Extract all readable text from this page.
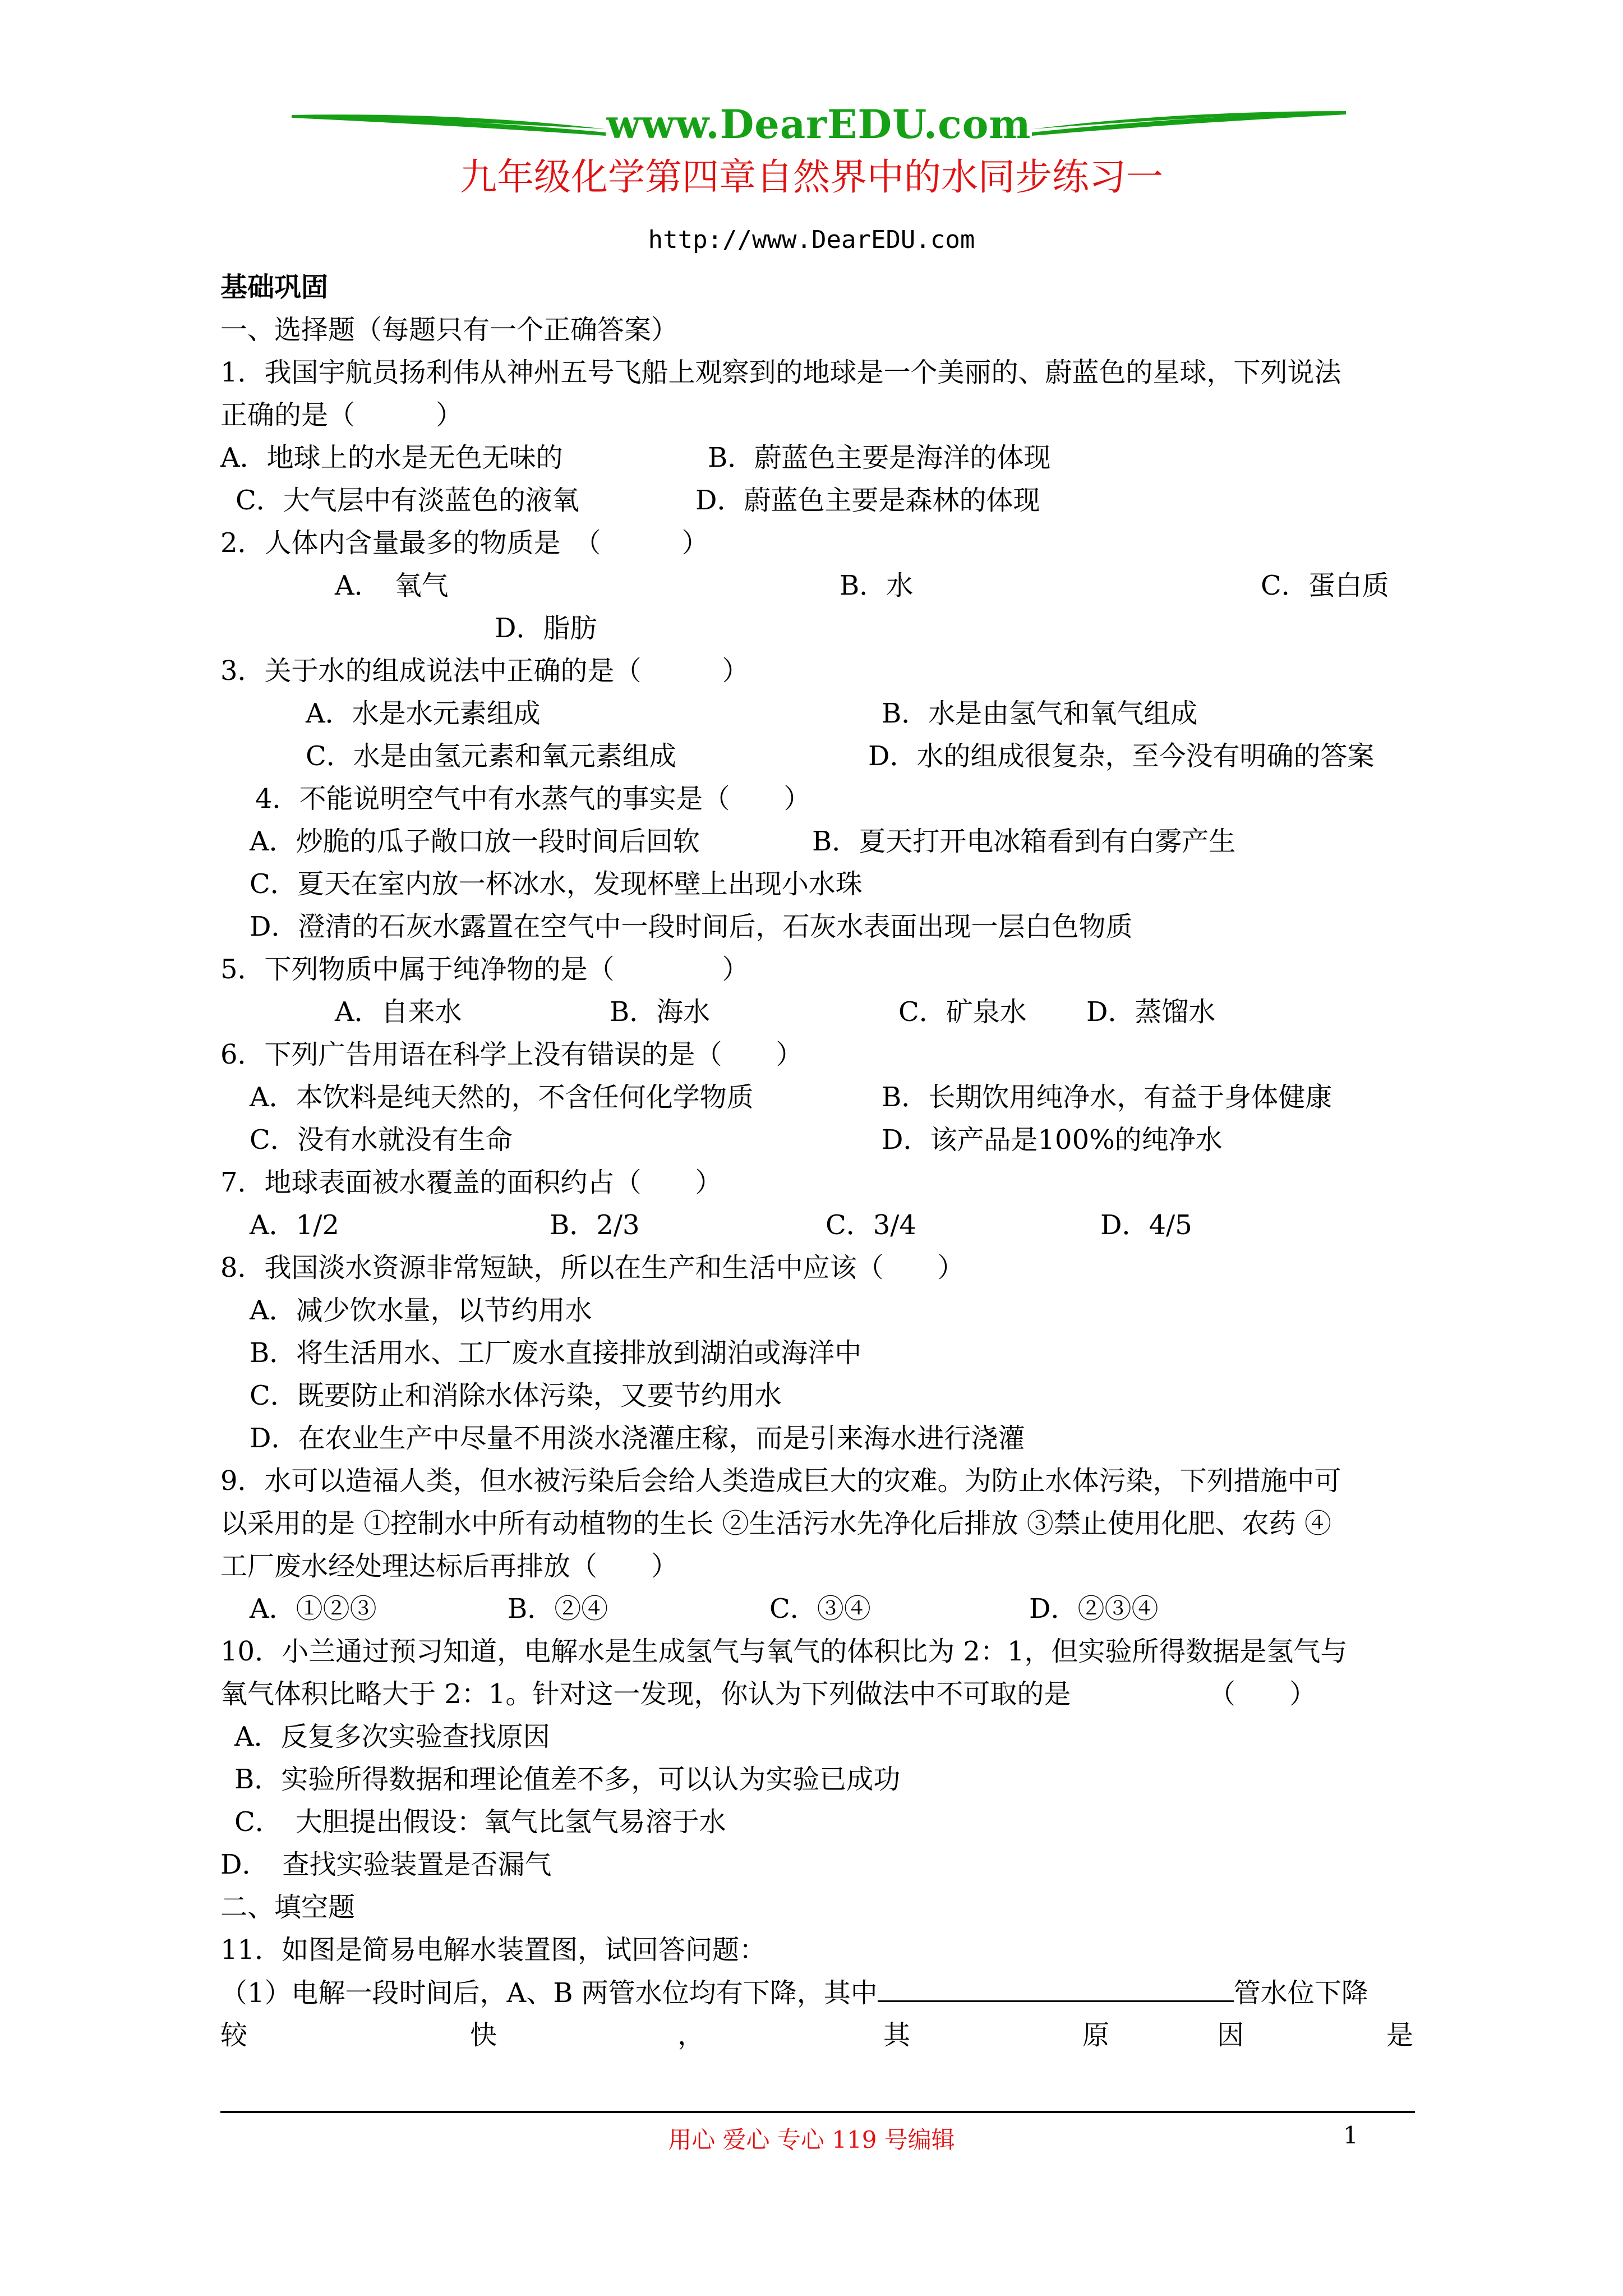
www.DearEDU.com
九年级化学第四章自然界中的水同步练习一
http://www.DearEDU.com
基础巩固
一、选择题（每题只有一个正确答案）
1．我国宇航员扬利伟从神州五号飞船上观察到的地球是一个美丽的、蔚蓝色的星球，下列说法
正确的是（　　　）
A．地球上的水是无色无味的	B．蔚蓝色主要是海洋的体现
C．大气层中有淡蓝色的液氧	D．蔚蓝色主要是森林的体现
2．人体内含量最多的物质是　（　　　）
A．　氧气	B．水	C．蛋白质
D．脂肪
3．关于水的组成说法中正确的是（　　　）
A．水是水元素组成	B．水是由氢气和氧气组成
C．水是由氢元素和氧元素组成	D．水的组成很复杂，至今没有明确的答案
4．不能说明空气中有水蒸气的事实是（　　）
A．炒脆的瓜子敞口放一段时间后回软	B．夏天打开电冰箱看到有白雾产生
C．夏天在室内放一杯冰水，发现杯壁上出现小水珠
D．澄清的石灰水露置在空气中一段时间后，石灰水表面出现一层白色物质
5．下列物质中属于纯净物的是（　　　　）
A．自来水	B．海水	C．矿泉水 D．蒸馏水
6．下列广告用语在科学上没有错误的是（　　）
A．本饮料是纯天然的，不含任何化学物质	B．长期饮用纯净水，有益于身体健康
C．没有水就没有生命	D．该产品是100%的纯净水
7．地球表面被水覆盖的面积约占（　　）
A．1/2	B．2/3	C．3/4	D．4/5
8．我国淡水资源非常短缺，所以在生产和生活中应该（　　）
A．减少饮水量，以节约用水
B．将生活用水、工厂废水直接排放到湖泊或海洋中
C．既要防止和消除水体污染，又要节约用水
D．在农业生产中尽量不用淡水浇灌庄稼，而是引来海水进行浇灌
9．水可以造福人类，但水被污染后会给人类造成巨大的灾难。为防止水体污染，下列措施中可
以采用的是 ①控制水中所有动植物的生长 ②生活污水先净化后排放 ③禁止使用化肥、农药 ④
工厂废水经处理达标后再排放（　　）
A．①②③	B．②④	C．③④	D．②③④
10．小兰通过预习知道，电解水是生成氢气与氧气的体积比为 2：1，但实验所得数据是氢气与
氧气体积比略大于 2：1。针对这一发现，你认为下列做法中不可取的是	（　　）
A．反复多次实验查找原因
B．实验所得数据和理论值差不多，可以认为实验已成功
C．　大胆提出假设：氧气比氢气易溶于水
D．　查找实验装置是否漏气
二、填空题
11．如图是简易电解水装置图，试回答问题：
（1）电解一段时间后，A、B 两管水位均有下降，其中	管水位下降
较	快	，	其	原	因	是
用心 爱心 专心 119 号编辑	1
